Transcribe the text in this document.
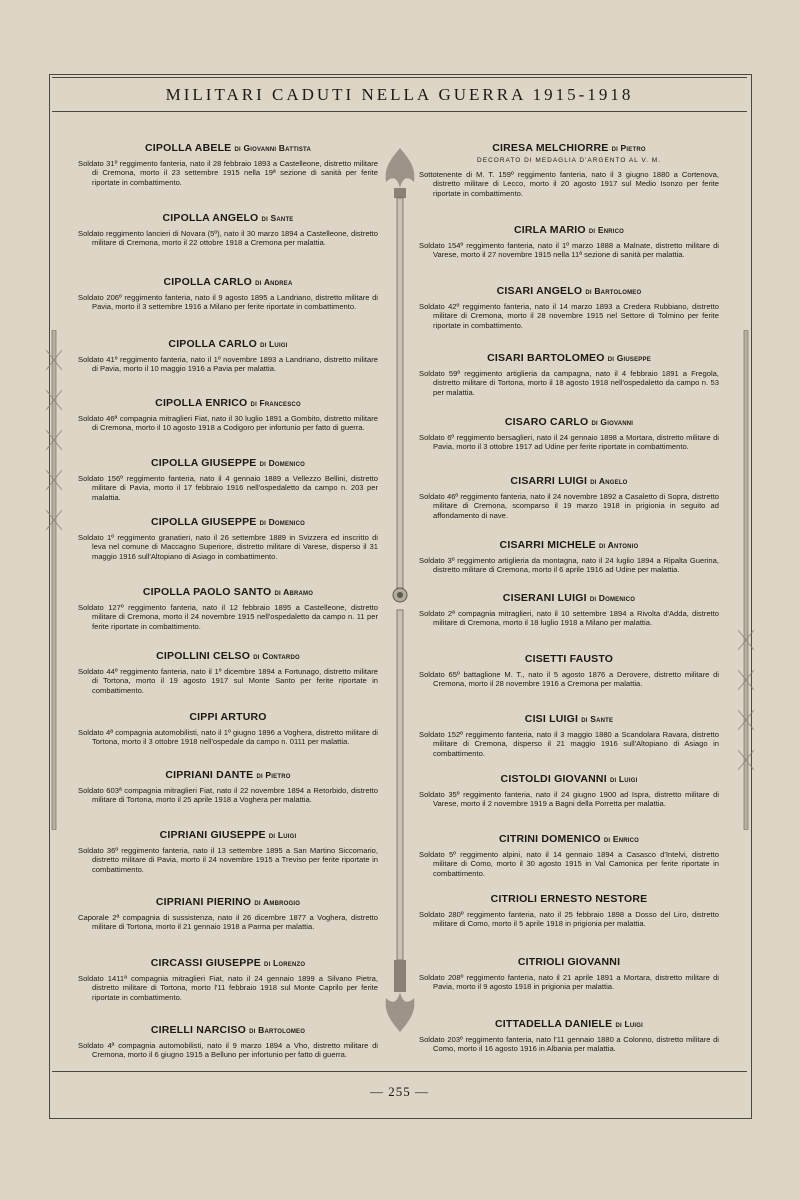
MILITARI CADUTI NELLA GUERRA 1915-1918
CIPOLLA ABELE di Giovanni Battista
Soldato 31º reggimento fanteria, nato il 28 febbraio 1893 a Castelleone, distretto militare di Cremona, morto il 23 settembre 1915 nella 19ª sezione di sanità per ferite riportate in combattimento.
CIPOLLA ANGELO di Sante
Soldato reggimento lancieri di Novara (5º), nato il 30 marzo 1894 a Castelleone, distretto militare di Cremona, morto il 22 ottobre 1918 a Cremona per malattia.
CIPOLLA CARLO di Andrea
Soldato 206º reggimento fanteria, nato il 9 agosto 1895 a Landriano, distretto militare di Pavia, morto il 3 settembre 1916 a Milano per ferite riportate in combattimento.
CIPOLLA CARLO di Luigi
Soldato 41º reggimento fanteria, nato il 1º novembre 1893 a Landriano, distretto militare di Pavia, morto il 10 maggio 1916 a Pavia per malattia.
CIPOLLA ENRICO di Francesco
Soldato 46ª compagnia mitraglieri Fiat, nato il 30 luglio 1891 a Gombito, distretto militare di Cremona, morto il 10 agosto 1918 a Codigoro per infortunio per fatto di guerra.
CIPOLLA GIUSEPPE di Domenico
Soldato 156º reggimento fanteria, nato il 4 gennaio 1889 a Vellezzo Bellini, distretto militare di Pavia, morto il 17 febbraio 1916 nell'ospedaletto da campo n. 203 per malattia.
CIPOLLA GIUSEPPE di Domenico
Soldato 1º reggimento granatieri, nato il 26 settembre 1889 in Svizzera ed inscritto di leva nel comune di Maccagno Superiore, distretto militare di Varese, disperso il 31 maggio 1916 sull'Altopiano di Asiago in combattimento.
CIPOLLA PAOLO SANTO di Abramo
Soldato 127º reggimento fanteria, nato il 12 febbraio 1895 a Castelleone, distretto militare di Cremona, morto il 24 novembre 1915 nell'ospedaletto da campo n. 11 per ferite riportate in combattimento.
CIPOLLINI CELSO di Contardo
Soldato 44º reggimento fanteria, nato il 1º dicembre 1894 a Fortunago, distretto militare di Tortona, morto il 19 agosto 1917 sul Monte Santo per ferite riportate in combattimento.
CIPPI ARTURO
Soldato 4ª compagnia automobilisti, nato il 1º giugno 1896 a Voghera, distretto militare di Tortona, morto il 3 ottobre 1918 nell'ospedale da campo n. 0111 per malattia.
CIPRIANI DANTE di Pietro
Soldato 603ª compagnia mitraglieri Fiat, nato il 22 novembre 1894 a Retorbido, distretto militare di Tortona, morto il 25 aprile 1918 a Voghera per malattia.
CIPRIANI GIUSEPPE di Luigi
Soldato 36º reggimento fanteria, nato il 13 settembre 1895 a San Martino Siccomario, distretto militare di Pavia, morto il 24 novembre 1915 a Treviso per ferite riportate in combattimento.
CIPRIANI PIERINO di Ambrogio
Caporale 2ª compagnia di sussistenza, nato il 26 dicembre 1877 a Voghera, distretto militare di Tortona, morto il 21 gennaio 1918 a Parma per malattia.
CIRCASSI GIUSEPPE di Lorenzo
Soldato 1411ª compagnia mitraglieri Fiat, nato il 24 gennaio 1899 a Silvano Pietra, distretto militare di Tortona, morto l'11 febbraio 1918 sul Monte Caprilo per ferite riportate in combattimento.
CIRELLI NARCISO di Bartolomeo
Soldato 4ª compagnia automobilisti, nato il 9 marzo 1894 a Vho, distretto militare di Cremona, morto il 6 giugno 1915 a Belluno per infortunio per fatto di guerra.
CIRESA MELCHIORRE di Pietro
DECORATO DI MEDAGLIA D'ARGENTO AL V. M.
Sottotenente di M. T. 159º reggimento fanteria, nato il 3 giugno 1880 a Cortenova, distretto militare di Lecco, morto il 20 agosto 1917 sul Medio Isonzo per ferite riportate in combattimento.
CIRLA MARIO di Enrico
Soldato 154º reggimento fanteria, nato il 1º marzo 1888 a Malnate, distretto militare di Varese, morto il 27 novembre 1915 nella 11ª sezione di sanità per malattia.
CISARI ANGELO di Bartolomeo
Soldato 42º reggimento fanteria, nato il 14 marzo 1893 a Credera Rubbiano, distretto militare di Cremona, morto il 28 novembre 1915 nel Settore di Tolmino per ferite riportate in combattimento.
CISARI BARTOLOMEO di Giuseppe
Soldato 59º reggimento artiglieria da campagna, nato il 4 febbraio 1891 a Fregola, distretto militare di Tortona, morto il 18 agosto 1918 nell'ospedaletto da campo n. 53 per malattia.
CISARO CARLO di Giovanni
Soldato 6º reggimento bersaglieri, nato il 24 gennaio 1898 a Mortara, distretto militare di Pavia, morto il 3 ottobre 1917 ad Udine per ferite riportate in combattimento.
CISARRI LUIGI di Angelo
Soldato 46º reggimento fanteria, nato il 24 novembre 1892 a Casaletto di Sopra, distretto militare di Cremona, scomparso il 19 marzo 1918 in prigionia in seguito ad affondamento di nave.
CISARRI MICHELE di Antonio
Soldato 3º reggimento artiglieria da montagna, nato il 24 luglio 1894 a Ripalta Guerina, distretto militare di Cremona, morto il 6 aprile 1916 ad Udine per malattia.
CISERANI LUIGI di Domenico
Soldato 2ª compagnia mitraglieri, nato il 10 settembre 1894 a Rivolta d'Adda, distretto militare di Cremona, morto il 18 luglio 1918 a Milano per malattia.
CISETTI FAUSTO
Soldato 65º battaglione M. T., nato il 5 agosto 1876 a Derovere, distretto militare di Cremona, morto il 28 novembre 1916 a Cremona per malattia.
CISI LUIGI di Sante
Soldato 152º reggimento fanteria, nato il 3 maggio 1880 a Scandolara Ravara, distretto militare di Cremona, disperso il 21 maggio 1916 sull'Altopiano di Asiago in combattimento.
CISTOLDI GIOVANNI di Luigi
Soldato 35º reggimento fanteria, nato il 24 giugno 1900 ad Ispra, distretto militare di Varese, morto il 2 novembre 1919 a Bagni della Porretta per malattia.
CITRINI DOMENICO di Enrico
Soldato 5º reggimento alpini, nato il 14 gennaio 1894 a Casasco d'Intelvi, distretto militare di Como, morto il 30 agosto 1915 in Val Camonica per ferite riportate in combattimento.
CITRIOLI ERNESTO NESTORE
Soldato 280º reggimento fanteria, nato il 25 febbraio 1898 a Dosso del Liro, distretto militare di Como, morto il 5 aprile 1918 in prigionia per malattia.
CITRIOLI GIOVANNI
Soldato 208º reggimento fanteria, nato il 21 aprile 1891 a Mortara, distretto militare di Pavia, morto il 9 agosto 1918 in prigionia per malattia.
CITTADELLA DANIELE di Luigi
Soldato 203º reggimento fanteria, nato l'11 gennaio 1880 a Colonno, distretto militare di Como, morto il 16 agosto 1916 in Albania per malattia.
— 255 —
